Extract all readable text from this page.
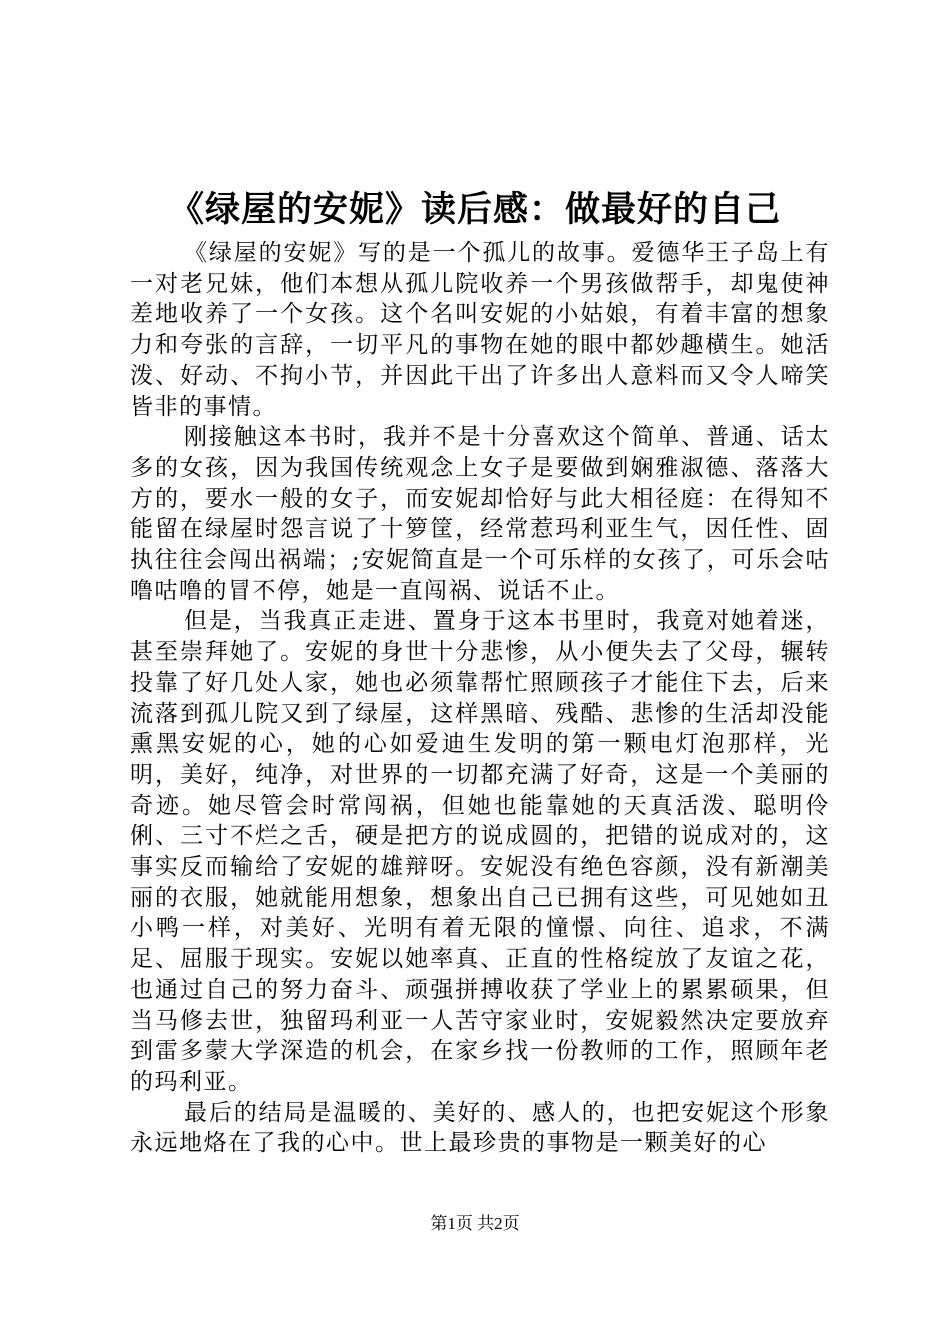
《绿屋的安妮》读后感：做最好的自己

《绿屋的安妮》写的是一个孤儿的故事。爱德华王子岛上有一对老兄妹，他们本想从孤儿院收养一个男孩做帮手，却鬼使神差地收养了一个女孩。这个名叫安妮的小姑娘，有着丰富的想象力和夸张的言辞，一切平凡的事物在她的眼中都妙趣横生。她活泼、好动、不拘小节，并因此干出了许多出人意料而又令人啼笑皆非的事情。

刚接触这本书时，我并不是十分喜欢这个简单、普通、话太多的女孩，因为我国传统观念上女子是要做到娴雅淑德、落落大方的，要水一般的女子，而安妮却恰好与此大相径庭：在得知不能留在绿屋时怨言说了十箩筐，经常惹玛利亚生气，因任性、固执往往会闯出祸端；;安妮简直是一个可乐样的女孩了，可乐会咕噜咕噜的冒不停，她是一直闯祸、说话不止。

但是，当我真正走进、置身于这本书里时，我竟对她着迷，甚至崇拜她了。安妮的身世十分悲惨，从小便失去了父母，辗转投靠了好几处人家，她也必须靠帮忙照顾孩子才能住下去，后来流落到孤儿院又到了绿屋，这样黑暗、残酷、悲惨的生活却没能熏黑安妮的心，她的心如爱迪生发明的第一颗电灯泡那样，光明，美好，纯净，对世界的一切都充满了好奇，这是一个美丽的奇迹。她尽管会时常闯祸，但她也能靠她的天真活泼、聪明伶俐、三寸不烂之舌，硬是把方的说成圆的，把错的说成对的，这事实反而输给了安妮的雄辩呀。安妮没有绝色容颜，没有新潮美丽的衣服，她就能用想象，想象出自己已拥有这些，可见她如丑小鸭一样，对美好、光明有着无限的憧憬、向往、追求，不满足、屈服于现实。安妮以她率真、正直的性格绽放了友谊之花，也通过自己的努力奋斗、顽强拼搏收获了学业上的累累硕果，但当马修去世，独留玛利亚一人苦守家业时，安妮毅然决定要放弃到雷多蒙大学深造的机会，在家乡找一份教师的工作，照顾年老的玛利亚。

最后的结局是温暖的、美好的、感人的，也把安妮这个形象永远地烙在了我的心中。世上最珍贵的事物是一颗美好的心

第1页 共2页
